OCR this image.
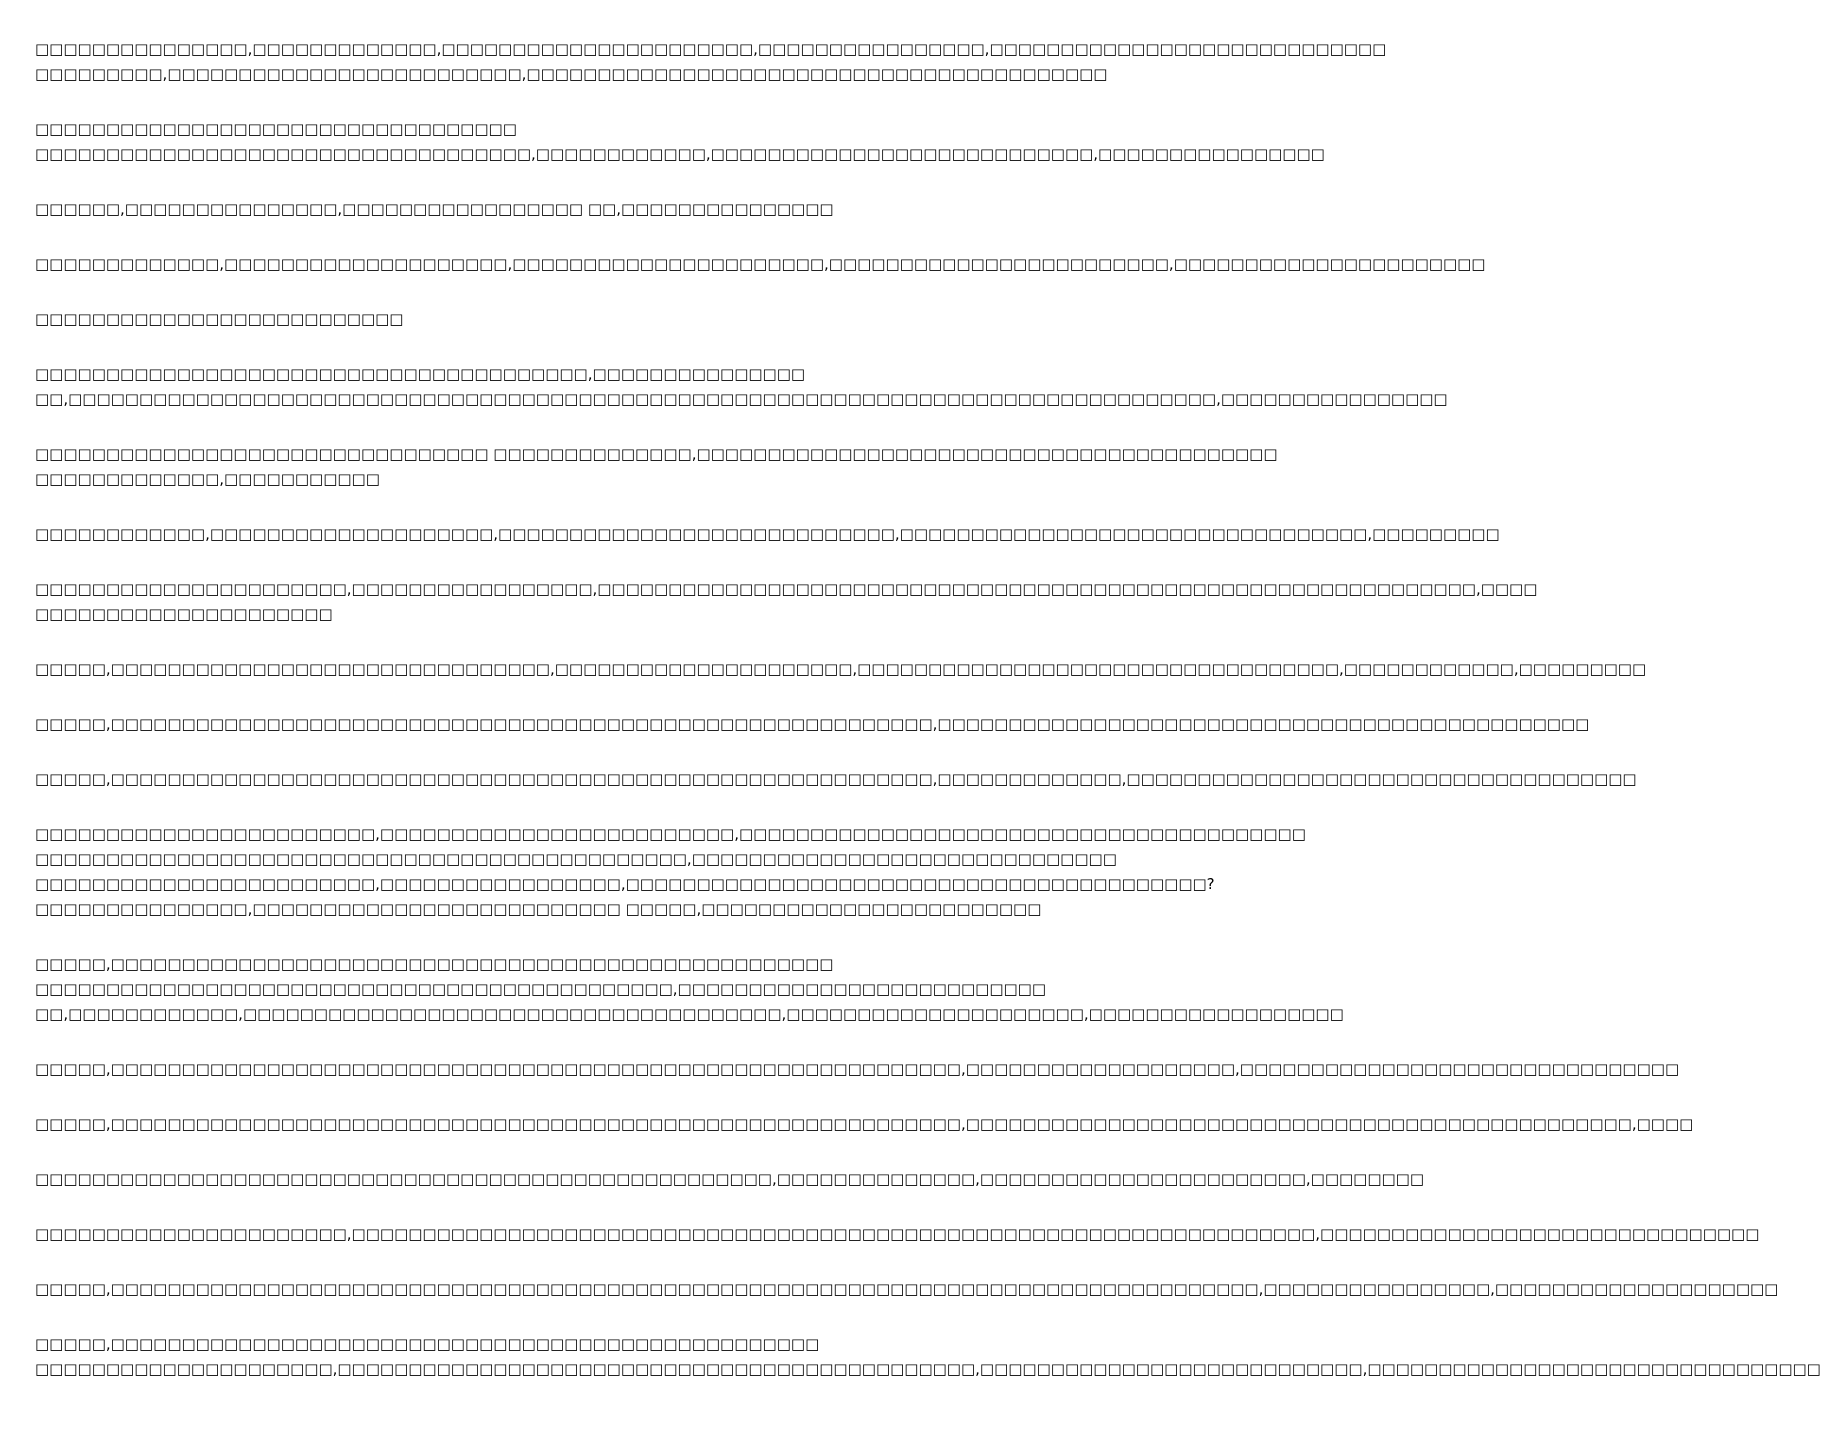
□□□□□□□□□□□□□□□,□□□□□□□□□□□□□,□□□□□□□□□□□□□□□□□□□□□□,□□□□□□□□□□□□□□□□,□□□□□□□□□□□□□□□□□□□□□□□□□□□□
□□□□□□□□□,□□□□□□□□□□□□□□□□□□□□□□□□□,□□□□□□□□□□□□□□□□□□□□□□□□□□□□□□□□□□□□□□□□□
□□□□□□□□□□□□□□□□□□□□□□□□□□□□□□□□□□
□□□□□□□□□□□□□□□□□□□□□□□□□□□□□□□□□□□,□□□□□□□□□□□□,□□□□□□□□□□□□□□□□□□□□□□□□□□□,□□□□□□□□□□□□□□□□
□□□□□□,□□□□□□□□□□□□□□□,□□□□□□□□□□□□□□□□□ □□,□□□□□□□□□□□□□□□
□□□□□□□□□□□□□,□□□□□□□□□□□□□□□□□□□□,□□□□□□□□□□□□□□□□□□□□□□,□□□□□□□□□□□□□□□□□□□□□□□□,□□□□□□□□□□□□□□□□□□□□□□
□□□□□□□□□□□□□□□□□□□□□□□□□□
□□□□□□□□□□□□□□□□□□□□□□□□□□□□□□□□□□□□□□□,□□□□□□□□□□□□□□□
□□,□□□□□□□□□□□□□□□□□□□□□□□□□□□□□□□□□□□□□□□□□□□□□□□□□□□□□□□□□□□□□□□□□□□□□□□□□□□□□□□□□,□□□□□□□□□□□□□□□□
□□□□□□□□□□□□□□□□□□□□□□□□□□□□□□□□ □□□□□□□□□□□□□□,□□□□□□□□□□□□□□□□□□□□□□□□□□□□□□□□□□□□□□□□□
□□□□□□□□□□□□□,□□□□□□□□□□□
□□□□□□□□□□□□,□□□□□□□□□□□□□□□□□□□□,□□□□□□□□□□□□□□□□□□□□□□□□□□□□,□□□□□□□□□□□□□□□□□□□□□□□□□□□□□□□□□,□□□□□□□□□
□□□□□□□□□□□□□□□□□□□□□□,□□□□□□□□□□□□□□□□□,□□□□□□□□□□□□□□□□□□□□□□□□□□□□□□□□□□□□□□□□□□□□□□□□□□□□□□□□□□□□□□,□□□□
□□□□□□□□□□□□□□□□□□□□□
□□□□□,□□□□□□□□□□□□□□□□□□□□□□□□□□□□□□□,□□□□□□□□□□□□□□□□□□□□□,□□□□□□□□□□□□□□□□□□□□□□□□□□□□□□□□□□,□□□□□□□□□□□□,□□□□□□□□□
□□□□□,□□□□□□□□□□□□□□□□□□□□□□□□□□□□□□□□□□□□□□□□□□□□□□□□□□□□□□□□□□,□□□□□□□□□□□□□□□□□□□□□□□□□□□□□□□□□□□□□□□□□□□□□□
□□□□□,□□□□□□□□□□□□□□□□□□□□□□□□□□□□□□□□□□□□□□□□□□□□□□□□□□□□□□□□□□,□□□□□□□□□□□□□,□□□□□□□□□□□□□□□□□□□□□□□□□□□□□□□□□□□□
□□□□□□□□□□□□□□□□□□□□□□□□,□□□□□□□□□□□□□□□□□□□□□□□□□,□□□□□□□□□□□□□□□□□□□□□□□□□□□□□□□□□□□□□□□□
□□□□□□□□□□□□□□□□□□□□□□□□□□□□□□□□□□□□□□□□□□□□□□,□□□□□□□□□□□□□□□□□□□□□□□□□□□□□□
□□□□□□□□□□□□□□□□□□□□□□□□,□□□□□□□□□□□□□□□□□,□□□□□□□□□□□□□□□□□□□□□□□□□□□□□□□□□□□□□□□□□?
□□□□□□□□□□□□□□□,□□□□□□□□□□□□□□□□□□□□□□□□□□ □□□□□,□□□□□□□□□□□□□□□□□□□□□□□□
□□□□□,□□□□□□□□□□□□□□□□□□□□□□□□□□□□□□□□□□□□□□□□□□□□□□□□□□□
□□□□□□□□□□□□□□□□□□□□□□□□□□□□□□□□□□□□□□□□□□□□□,□□□□□□□□□□□□□□□□□□□□□□□□□□
□□,□□□□□□□□□□□□,□□□□□□□□□□□□□□□□□□□□□□□□□□□□□□□□□□□□□□,□□□□□□□□□□□□□□□□□□□□□,□□□□□□□□□□□□□□□□□□
□□□□□,□□□□□□□□□□□□□□□□□□□□□□□□□□□□□□□□□□□□□□□□□□□□□□□□□□□□□□□□□□□□,□□□□□□□□□□□□□□□□□□□,□□□□□□□□□□□□□□□□□□□□□□□□□□□□□□□
□□□□□,□□□□□□□□□□□□□□□□□□□□□□□□□□□□□□□□□□□□□□□□□□□□□□□□□□□□□□□□□□□□,□□□□□□□□□□□□□□□□□□□□□□□□□□□□□□□□□□□□□□□□□□□□□□□,□□□□
□□□□□□□□□□□□□□□□□□□□□□□□□□□□□□□□□□□□□□□□□□□□□□□□□□□□,□□□□□□□□□□□□□□,□□□□□□□□□□□□□□□□□□□□□□□,□□□□□□□□
□□□□□□□□□□□□□□□□□□□□□□,□□□□□□□□□□□□□□□□□□□□□□□□□□□□□□□□□□□□□□□□□□□□□□□□□□□□□□□□□□□□□□□□□□□□,□□□□□□□□□□□□□□□□□□□□□□□□□□□□□□□
□□□□□,□□□□□□□□□□□□□□□□□□□□□□□□□□□□□□□□□□□□□□□□□□□□□□□□□□□□□□□□□□□□□□□□□□□□□□□□□□□□□□□□□,□□□□□□□□□□□□□□□□,□□□□□□□□□□□□□□□□□□□□
□□□□□,□□□□□□□□□□□□□□□□□□□□□□□□□□□□□□□□□□□□□□□□□□□□□□□□□□
□□□□□□□□□□□□□□□□□□□□□,□□□□□□□□□□□□□□□□□□□□□□□□□□□□□□□□□□□□□□□□□□□□□,□□□□□□□□□□□□□□□□□□□□□□□□□□□,□□□□□□□□□□□□□□□□□□□□□□□□□□□□□□□□
